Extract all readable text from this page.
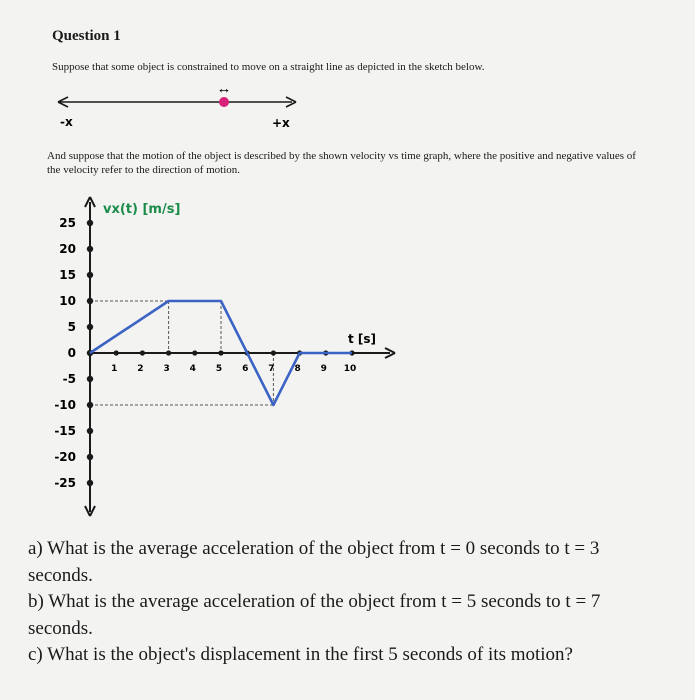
Question 1
Suppose that some object is constrained to move on a straight line as depicted in the sketch below.
↔
-x	+x
vx(t) [m/s]
t [s]
25
20
15
10
5
0
-5
-10
-15
-20
-25
1 2 3 4 5 6 7 8 9 10
And suppose that the motion of the object is described by the shown velocity vs time graph, where the positive and negative values of the velocity refer to the direction of motion.
a) What is the average acceleration of the object from t = 0 seconds to t = 3 seconds.
b) What is the average acceleration of the object from t = 5 seconds to t = 7 seconds.
c) What is the object's displacement in the first 5 seconds of its motion?
